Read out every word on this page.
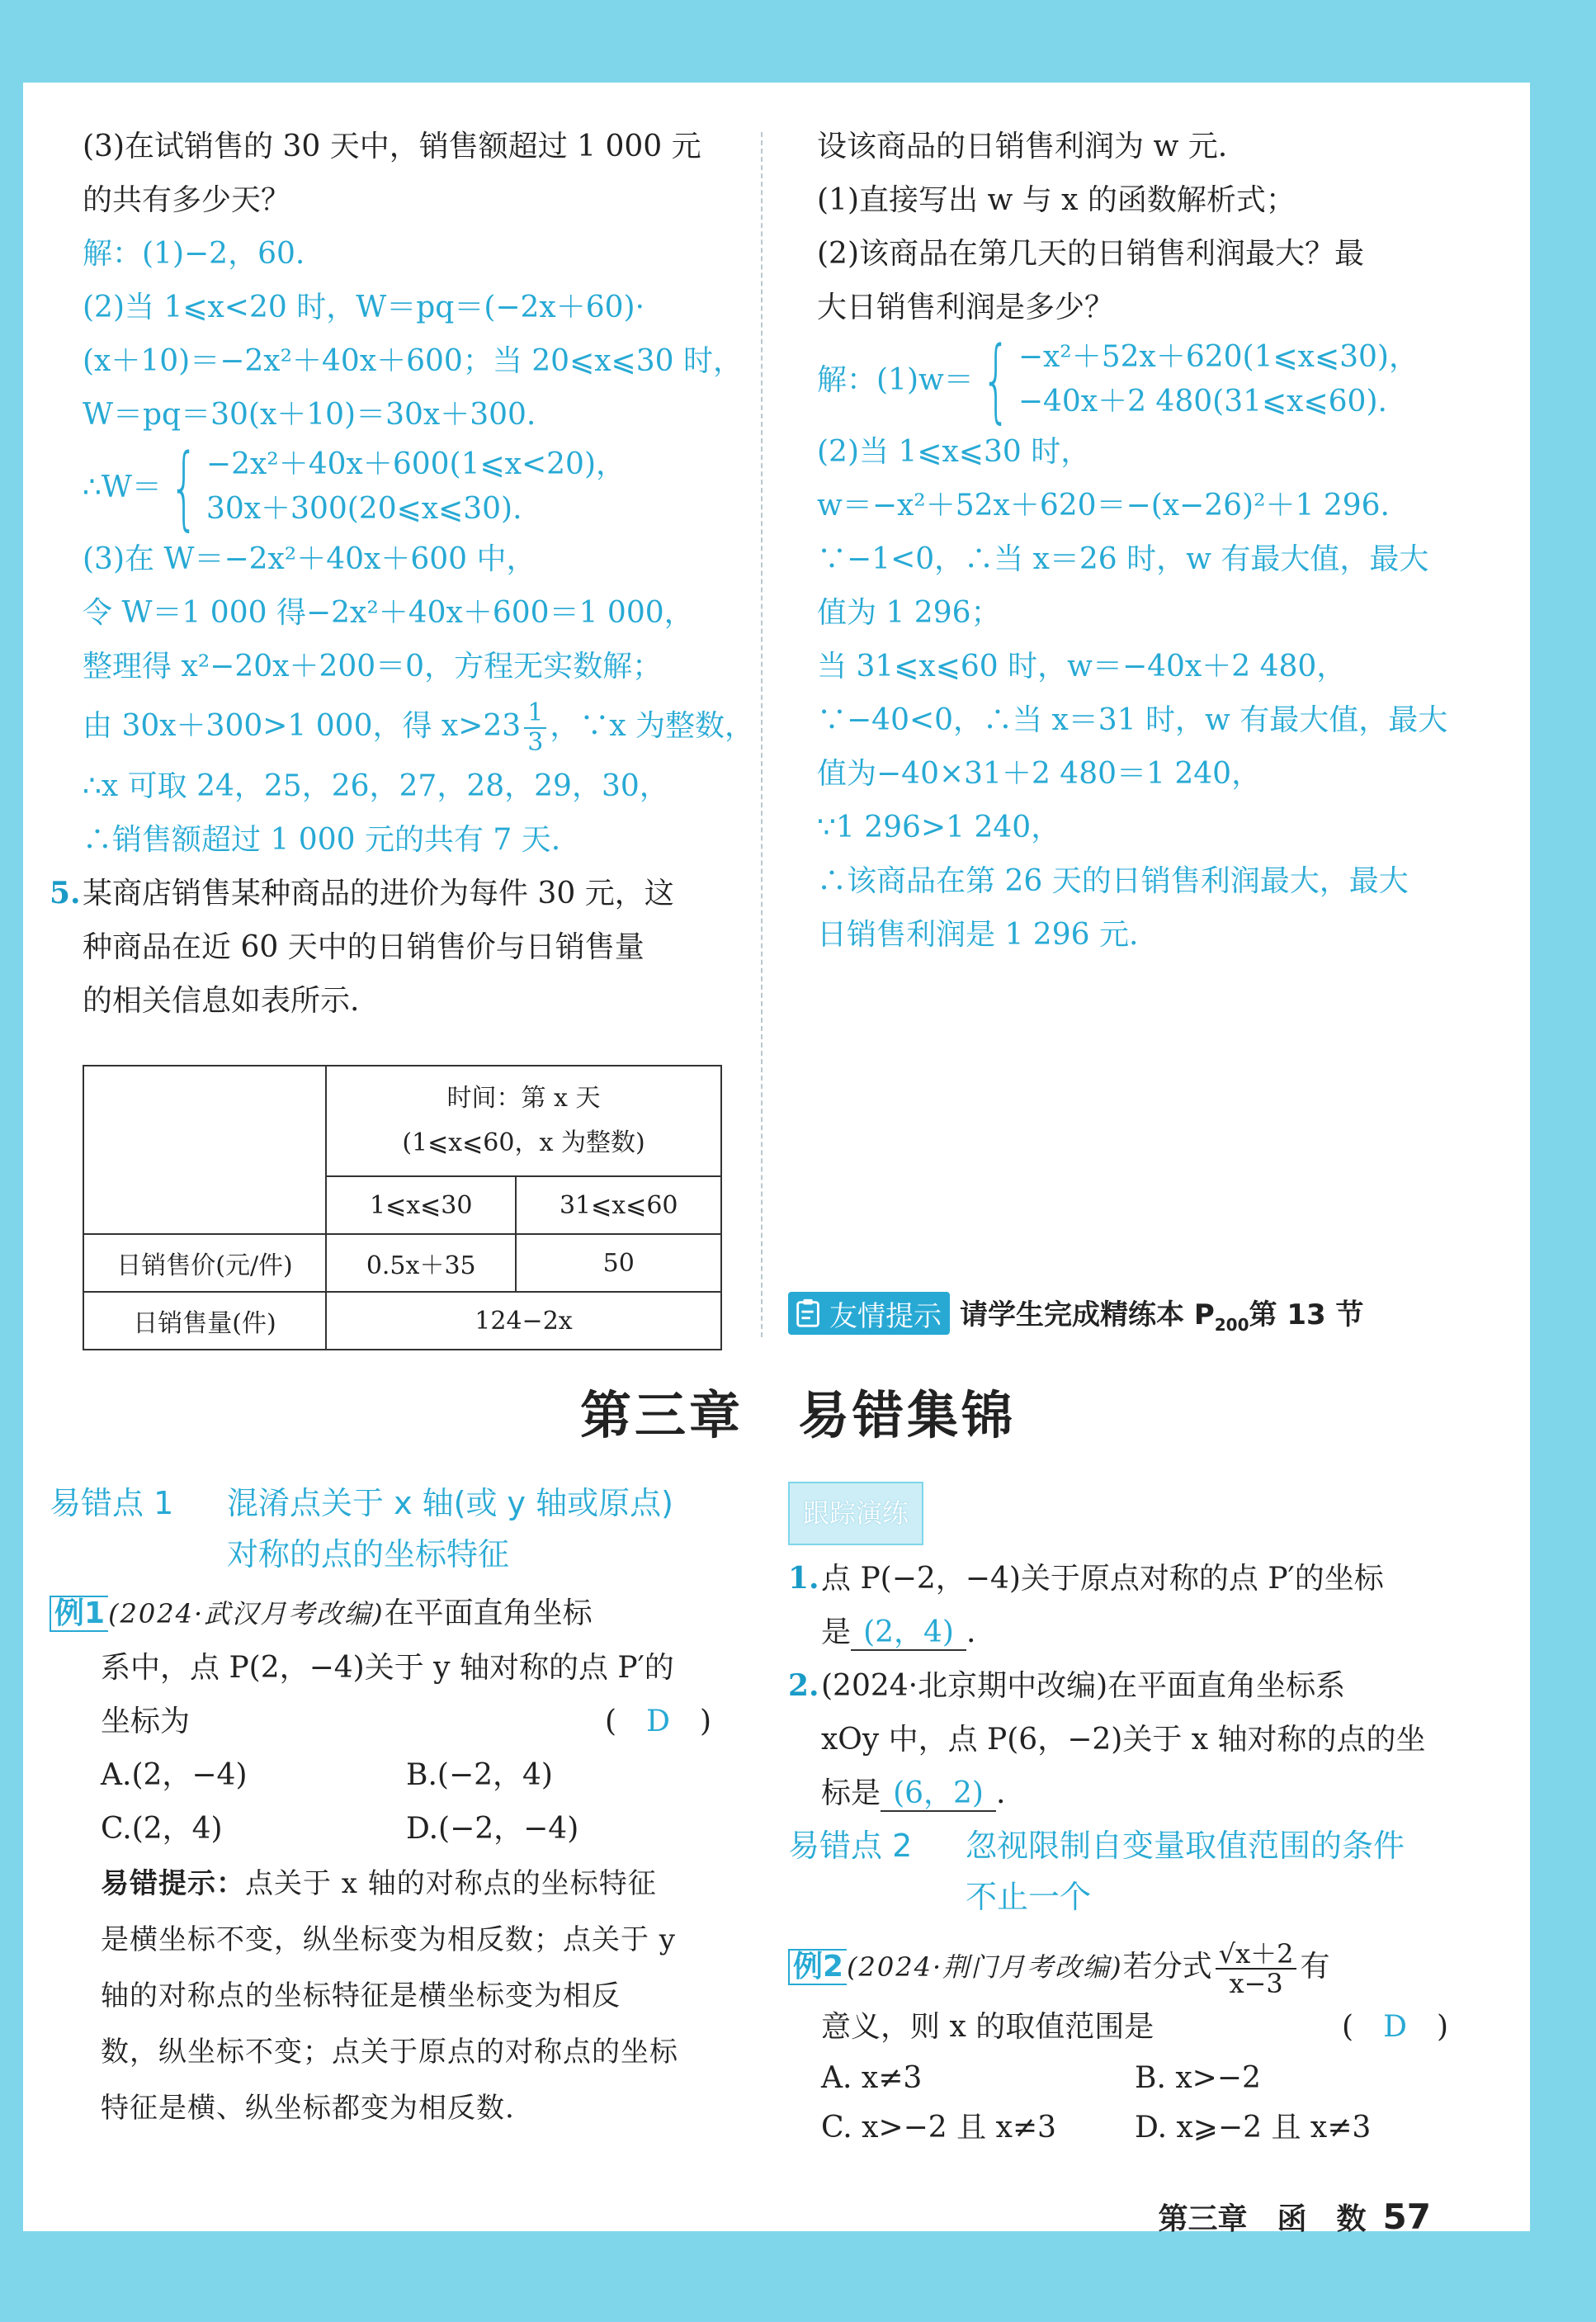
(3)在试销售的 30 天中，销售额超过 1 000 元
的共有多少天？
解：(1)−2，60.
(2)当 1⩽x<20 时，W＝pq＝(−2x＋60)·
(x＋10)＝−2x²＋40x＋600；当 20⩽x⩽30 时，
W＝pq＝30(x＋10)＝30x＋300.
∴W＝ { −2x²＋40x＋600(1⩽x<20)，
30x＋300(20⩽x⩽30).
(3)在 W＝−2x²＋40x＋600 中，
令 W＝1 000 得−2x²＋40x＋600＝1 000，
整理得 x²−20x＋200＝0，方程无实数解；
由 30x＋300>1 000，得 $x>23 \frac{1}{3}$ ，∵x 为整数，
∴x 可取 24，25，26，27，28，29，30，
∴销售额超过 1 000 元的共有 7 天.
5.某商店销售某种商品的进价为每件 30 元，这
种商品在近 60 天中的日销售价与日销售量
的相关信息如表所示.

	时间：第 x 天
(1⩽x⩽60，x 为整数)	

	1⩽x⩽30	31⩽x⩽60
日销售价(元/件)	0.5x＋35	50
日销售量(件)	124−2x	
设该商品的日销售利润为 w 元.
(1)直接写出 w 与 x 的函数解析式；
(2)该商品在第几天的日销售利润最大？最
大日销售利润是多少？
解：(1)w＝ { −x²＋52x＋620(1⩽x⩽30)，
−40x＋2 480(31⩽x⩽60).
(2)当 1⩽x⩽30 时，
w＝−x²＋52x＋620＝−(x−26)²＋1 296.
∵−1<0，∴当 x＝26 时，w 有最大值，最大
值为 1 296；
当 31⩽x⩽60 时，w＝−40x＋2 480，
∵−40<0，∴当 x＝31 时，w 有最大值，最大
值为−40×31＋2 480＝1 240，
∵1 296>1 240，
∴该商品在第 26 天的日销售利润最大，最大
日销售利润是 1 296 元.
友情提示 请学生完成精练本 $P_{200}$第 13 节
第三章　易错集锦
易错点 1 混淆点关于 x 轴(或 y 轴或原点)
对称的点的坐标特征
例1 (2024·武汉月考改编)在平面直角坐标
系中，点 P(2，−4)关于 y 轴对称的点 P′的
坐标为	(　D　)
A.(2，−4)	B.(−2，4)
C.(2，4)	D.(−2，−4)
易错提示：点关于 x 轴的对称点的坐标特征
是横坐标不变，纵坐标变为相反数；点关于 y
轴的对称点的坐标特征是横坐标变为相反
数，纵坐标不变；点关于原点的对称点的坐标
特征是横、纵坐标都变为相反数.
跟踪演练
1.点 P(−2，−4)关于原点对称的点 P′的坐标
是 (2，4) .
2.(2024·北京期中改编)在平面直角坐标系
xOy 中，点 P(6，−2)关于 x 轴对称的点的坐
标是 (6，2) .
易错点 2 忽视限制自变量取值范围的条件
不止一个
例2 (2024·荆门月考改编)若分式 $\frac{√x+2}{x-3}$ 有
意义，则 x 的取值范围是	(　D　)
A. x≠3	B. x>−2
C. x>−2 且 x≠3	D. x⩾−2 且 x≠3
第三章　函　数 57
